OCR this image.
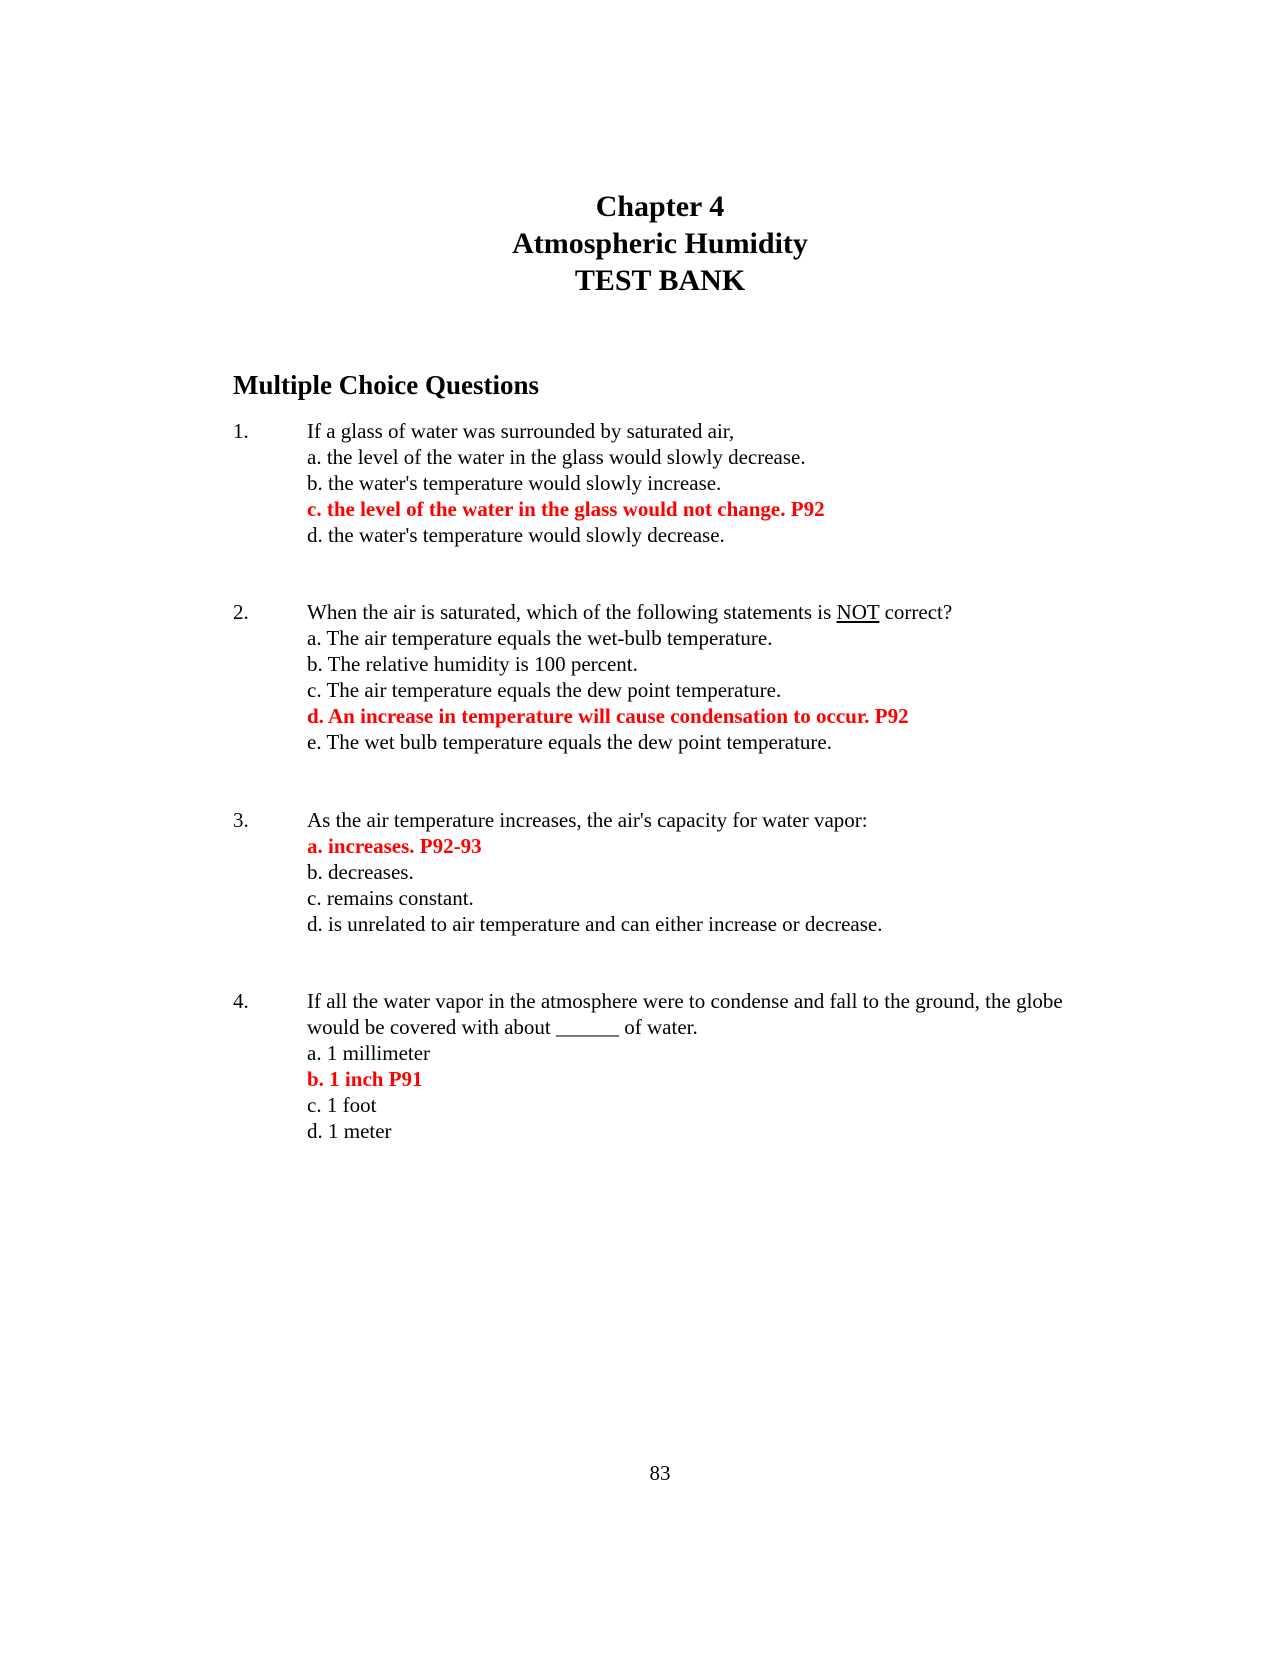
Chapter 4
Atmospheric Humidity
TEST BANK
Multiple Choice Questions
1.	If a glass of water was surrounded by saturated air,
a. the level of the water in the glass would slowly decrease.
b. the water's temperature would slowly increase.
c. the level of the water in the glass would not change. P92
d. the water's temperature would slowly decrease.
2.	When the air is saturated, which of the following statements is NOT correct?
a. The air temperature equals the wet-bulb temperature.
b. The relative humidity is 100 percent.
c. The air temperature equals the dew point temperature.
d. An increase in temperature will cause condensation to occur. P92
e. The wet bulb temperature equals the dew point temperature.
3.	As the air temperature increases, the air's capacity for water vapor:
a. increases. P92-93
b. decreases.
c. remains constant.
d. is unrelated to air temperature and can either increase or decrease.
4.	If all the water vapor in the atmosphere were to condense and fall to the ground, the globe
would be covered with about ______ of water.
a. 1 millimeter
b. 1 inch P91
c. 1 foot
d. 1 meter
83
